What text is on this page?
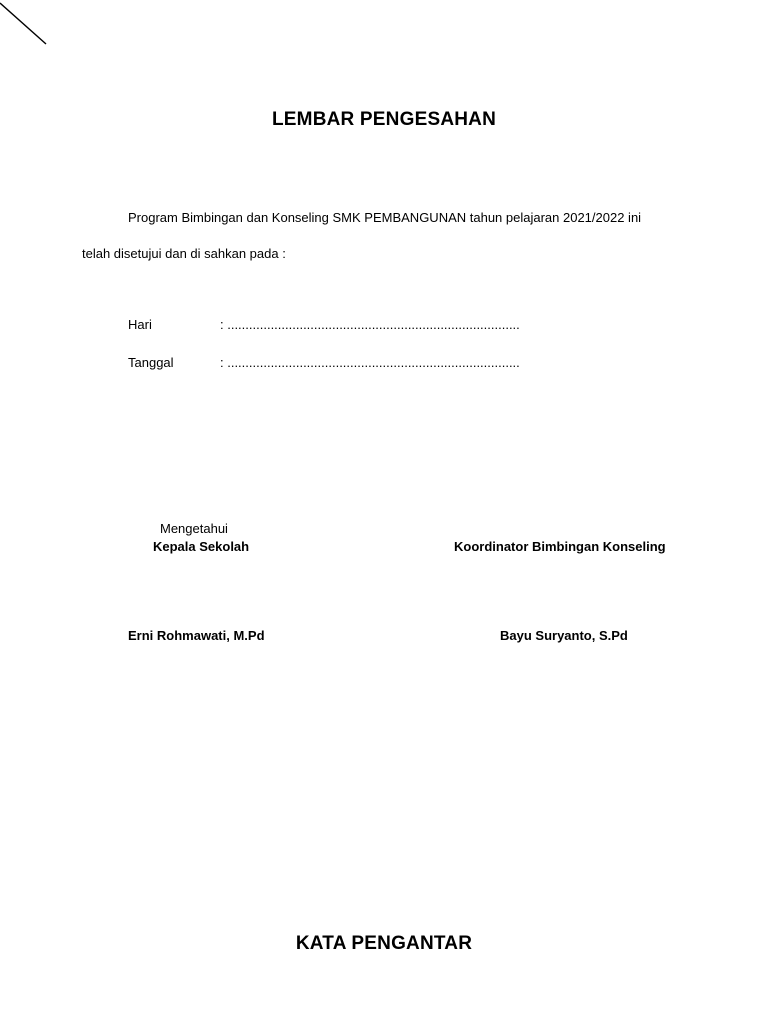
LEMBAR PENGESAHAN
Program Bimbingan dan Konseling SMK PEMBANGUNAN tahun pelajaran 2021/2022 ini
telah disetujui dan di sahkan pada :
Hari	: .................................................................................
Tanggal	: .................................................................................
Mengetahui
Kepala Sekolah	Koordinator Bimbingan Konseling
Erni Rohmawati, M.Pd	Bayu Suryanto, S.Pd
KATA PENGANTAR
